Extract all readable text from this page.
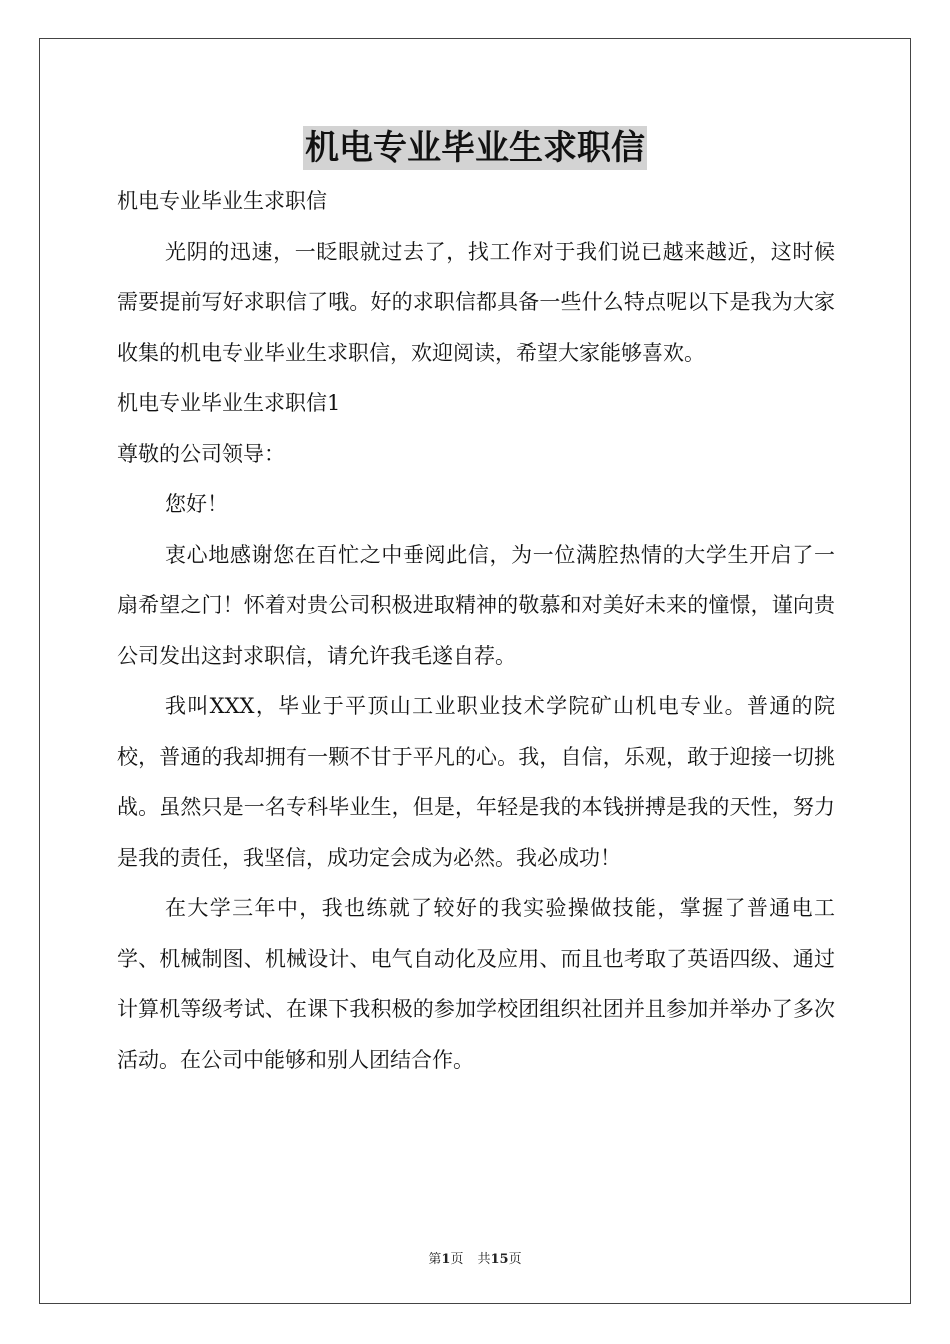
机电专业毕业生求职信

机电专业毕业生求职信

光阴的迅速，一眨眼就过去了，找工作对于我们说已越来越近，这时候需要提前写好求职信了哦。好的求职信都具备一些什么特点呢以下是我为大家收集的机电专业毕业生求职信，欢迎阅读，希望大家能够喜欢。

机电专业毕业生求职信1

尊敬的公司领导：

您好！

衷心地感谢您在百忙之中垂阅此信，为一位满腔热情的大学生开启了一扇希望之门！怀着对贵公司积极进取精神的敬慕和对美好未来的憧憬，谨向贵公司发出这封求职信，请允许我毛遂自荐。

我叫XXX，毕业于平顶山工业职业技术学院矿山机电专业。普通的院校，普通的我却拥有一颗不甘于平凡的心。我，自信，乐观，敢于迎接一切挑战。虽然只是一名专科毕业生，但是，年轻是我的本钱拼搏是我的天性，努力是我的责任，我坚信，成功定会成为必然。我必成功！

在大学三年中，我也练就了较好的我实验操做技能，掌握了普通电工学、机械制图、机械设计、电气自动化及应用、而且也考取了英语四级、通过计算机等级考试、在课下我积极的参加学校团组织社团并且参加并举办了多次活动。在公司中能够和别人团结合作。

第1页 共15页
